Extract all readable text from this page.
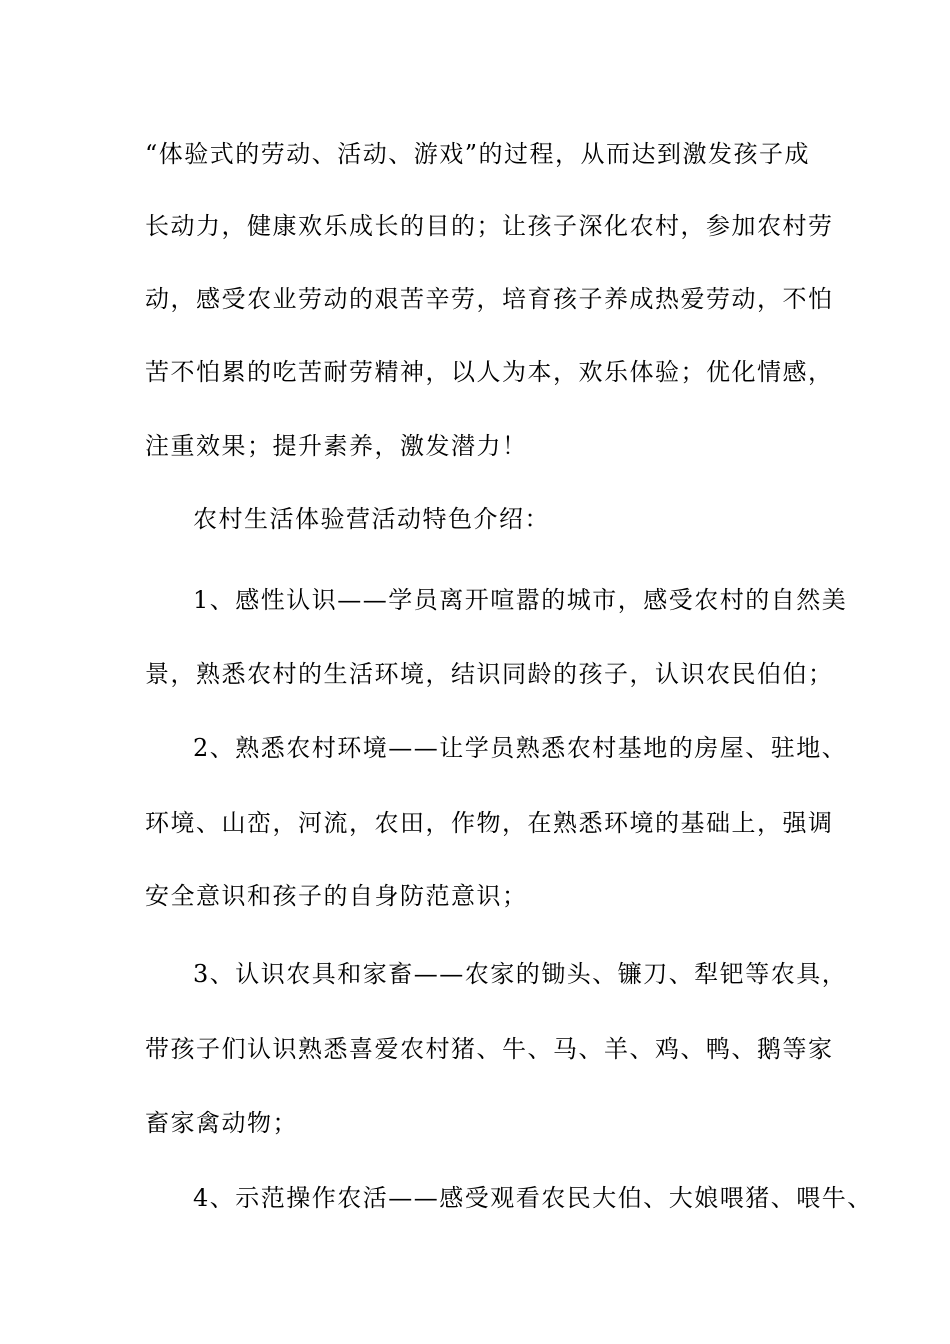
“体验式的劳动、活动、游戏”的过程，从而达到激发孩子成
长动力，健康欢乐成长的目的；让孩子深化农村，参加农村劳
动，感受农业劳动的艰苦辛劳，培育孩子养成热爱劳动，不怕
苦不怕累的吃苦耐劳精神，以人为本，欢乐体验；优化情感，
注重效果；提升素养，激发潜力！
农村生活体验营活动特色介绍：
1、感性认识——学员离开喧嚣的城市，感受农村的自然美
景，熟悉农村的生活环境，结识同龄的孩子，认识农民伯伯；
2、熟悉农村环境——让学员熟悉农村基地的房屋、驻地、
环境、山峦，河流，农田，作物，在熟悉环境的基础上，强调
安全意识和孩子的自身防范意识；
3、认识农具和家畜——农家的锄头、镰刀、犁钯等农具，
带孩子们认识熟悉喜爱农村猪、牛、马、羊、鸡、鸭、鹅等家
畜家禽动物；
4、示范操作农活——感受观看农民大伯、大娘喂猪、喂牛、
